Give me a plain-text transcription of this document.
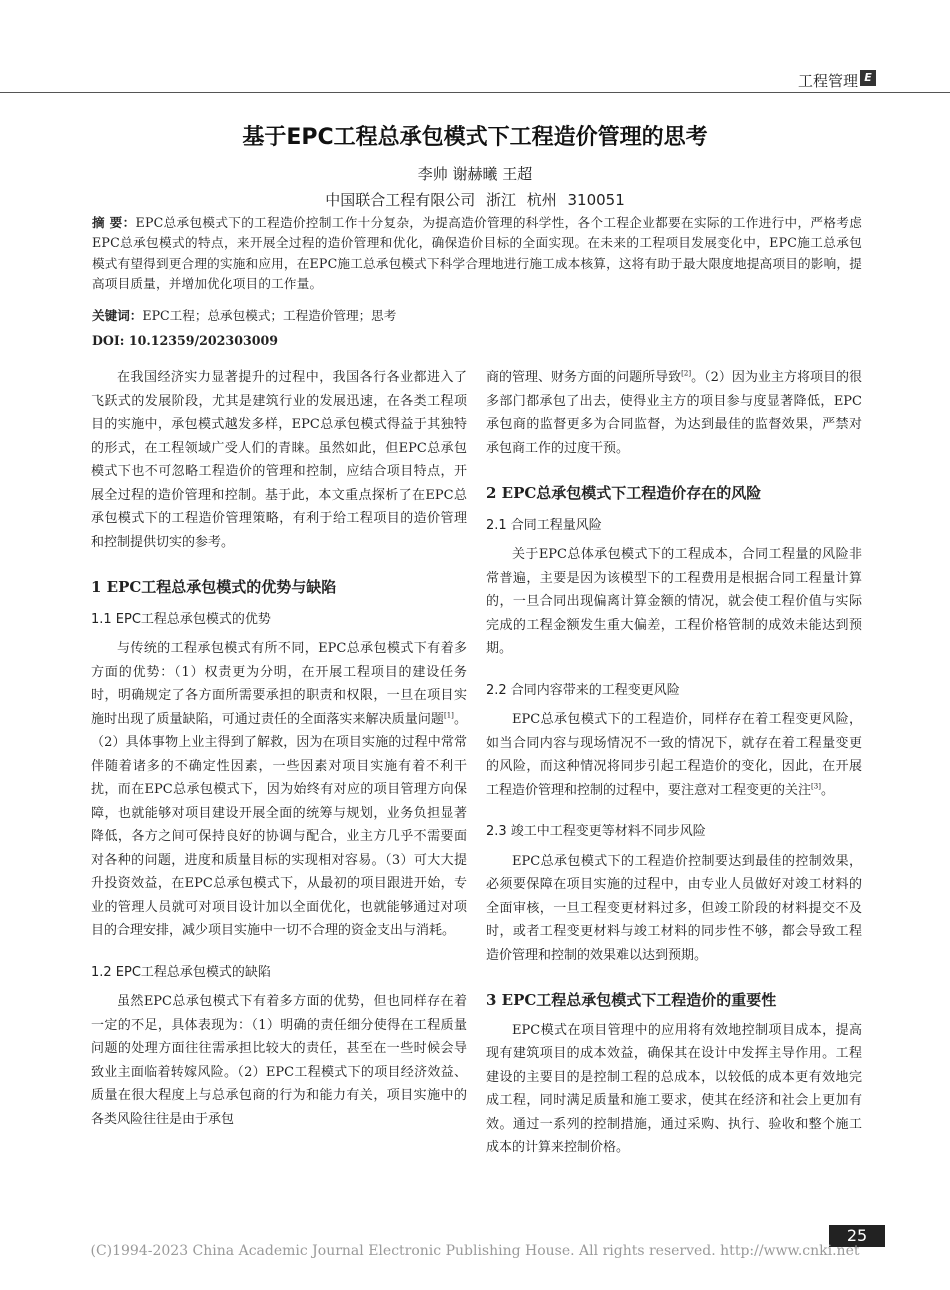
工程管理 E
基于EPC工程总承包模式下工程造价管理的思考
李帅 谢赫曦 王超
中国联合工程有限公司 浙江 杭州 310051
摘 要：EPC总承包模式下的工程造价控制工作十分复杂，为提高造价管理的科学性，各个工程企业都要在实际的工作进行中，严格考虑EPC总承包模式的特点，来开展全过程的造价管理和优化，确保造价目标的全面实现。在未来的工程项目发展变化中，EPC施工总承包模式有望得到更合理的实施和应用，在EPC施工总承包模式下科学合理地进行施工成本核算，这将有助于最大限度地提高项目的影响，提高项目质量，并增加优化项目的工作量。
关键词：EPC工程；总承包模式；工程造价管理；思考
DOI: 10.12359/202303009

在我国经济实力显著提升的过程中，我国各行各业都进入了飞跃式的发展阶段，尤其是建筑行业的发展迅速，在各类工程项目的实施中，承包模式越发多样，EPC总承包模式得益于其独特的形式，在工程领域广受人们的青睐。虽然如此，但EPC总承包模式下也不可忽略工程造价的管理和控制，应结合项目特点，开展全过程的造价管理和控制。基于此，本文重点探析了在EPC总承包模式下的工程造价管理策略，有利于给工程项目的造价管理和控制提供切实的参考。

1 EPC工程总承包模式的优势与缺陷
1.1 EPC工程总承包模式的优势

与传统的工程承包模式有所不同，EPC总承包模式下有着多方面的优势：（1）权责更为分明，在开展工程项目的建设任务时，明确规定了各方面所需要承担的职责和权限，一旦在项目实施时出现了质量缺陷，可通过责任的全面落实来解决质量问题[1]。（2）具体事物上业主得到了解救，因为在项目实施的过程中常常伴随着诸多的不确定性因素，一些因素对项目实施有着不利干扰，而在EPC总承包模式下，因为始终有对应的项目管理方向保障，也就能够对项目建设开展全面的统筹与规划，业务负担显著降低，各方之间可保持良好的协调与配合，业主方几乎不需要面对各种的问题，进度和质量目标的实现相对容易。（3）可大大提升投资效益，在EPC总承包模式下，从最初的项目跟进开始，专业的管理人员就可对项目设计加以全面优化，也就能够通过对项目的合理安排，减少项目实施中一切不合理的资金支出与消耗。

1.2 EPC工程总承包模式的缺陷

虽然EPC总承包模式下有着多方面的优势，但也同样存在着一定的不足，具体表现为：（1）明确的责任细分使得在工程质量问题的处理方面往往需承担比较大的责任，甚至在一些时候会导致业主面临着转嫁风险。（2）EPC工程模式下的项目经济效益、质量在很大程度上与总承包商的行为和能力有关，项目实施中的各类风险往往是由于承包

商的管理、财务方面的问题所导致[2]。（2）因为业主方将项目的很多部门都承包了出去，使得业主方的项目参与度显著降低，EPC承包商的监督更多为合同监督，为达到最佳的监督效果，严禁对承包商工作的过度干预。

2 EPC总承包模式下工程造价存在的风险
2.1 合同工程量风险

关于EPC总体承包模式下的工程成本，合同工程量的风险非常普遍，主要是因为该模型下的工程费用是根据合同工程量计算的，一旦合同出现偏离计算金额的情况，就会使工程价值与实际完成的工程金额发生重大偏差，工程价格管制的成效未能达到预期。

2.2 合同内容带来的工程变更风险

EPC总承包模式下的工程造价，同样存在着工程变更风险，如当合同内容与现场情况不一致的情况下，就存在着工程量变更的风险，而这种情况将同步引起工程造价的变化，因此，在开展工程造价管理和控制的过程中，要注意对工程变更的关注[3]。

2.3 竣工中工程变更等材料不同步风险

EPC总承包模式下的工程造价控制要达到最佳的控制效果，必须要保障在项目实施的过程中，由专业人员做好对竣工材料的全面审核，一旦工程变更材料过多，但竣工阶段的材料提交不及时，或者工程变更材料与竣工材料的同步性不够，都会导致工程造价管理和控制的效果难以达到预期。

3 EPC工程总承包模式下工程造价的重要性

EPC模式在项目管理中的应用将有效地控制项目成本，提高现有建筑项目的成本效益，确保其在设计中发挥主导作用。工程建设的主要目的是控制工程的总成本，以较低的成本更有效地完成工程，同时满足质量和施工要求，使其在经济和社会上更加有效。通过一系列的控制措施，通过采购、执行、验收和整个施工成本的计算来控制价格。

25
(C)1994-2023 China Academic Journal Electronic Publishing House. All rights reserved. http://www.cnki.net
